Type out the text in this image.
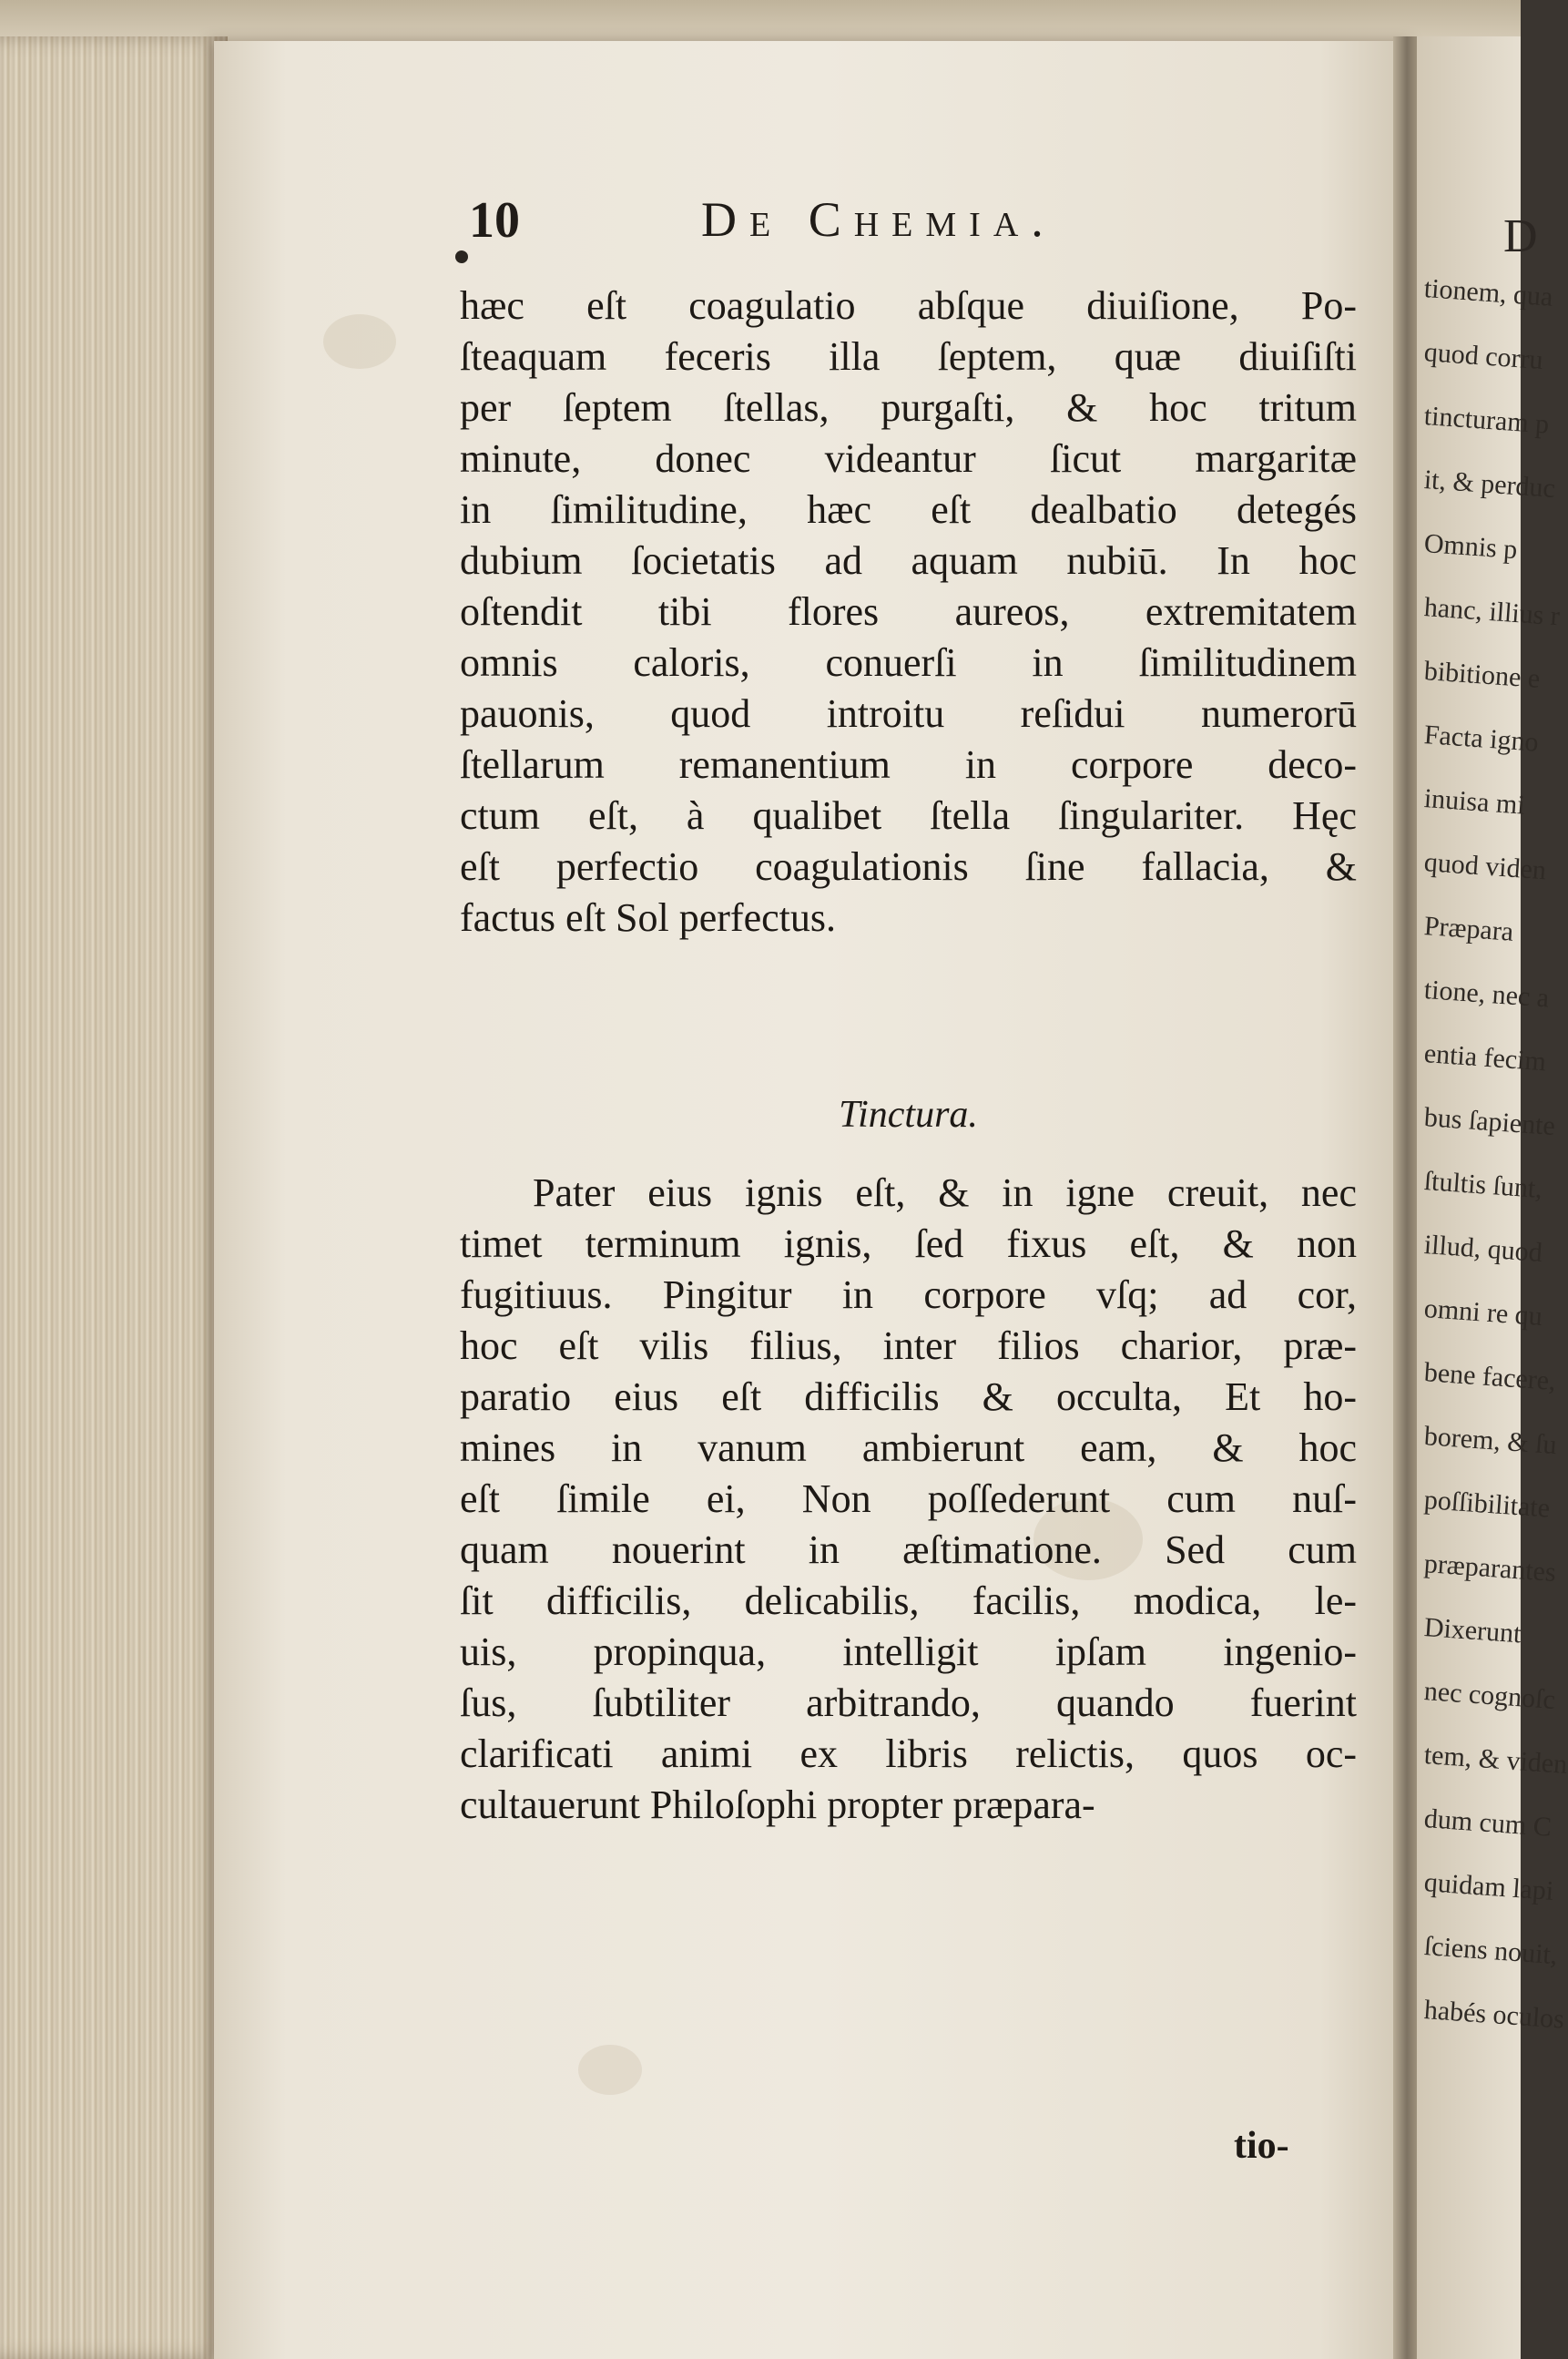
D
tionem, qua
quod corru
tincturam p
it, & perduc
Omnis p
hanc, illius r
bibitione e
Facta igno
inuisa mi
quod viden
Præpara
tione, nec a
entia fecim
bus ſapiente
ſtultis ſunt,
illud, quod
omni re qu
bene facere,
borem, & ſu
poſſibilitate
præparantes
Dixerunt
nec cognoſc
tem, & viden
dum cum C
quidam lapi
ſciens nouit,
habés oculos
10	De Chemia.
hæc eſt coagulatio abſque diuiſione, Po-
ſteaquam feceris illa ſeptem, quæ diuiſiſti
per ſeptem ſtellas, purgaſti, & hoc tritum
minute, donec videantur ſicut margaritæ
in ſimilitudine, hæc eſt dealbatio detegés
dubium ſocietatis ad aquam nubiū. In hoc
oſtendit tibi flores aureos, extremitatem
omnis caloris, conuerſi in ſimilitudinem
pauonis, quod introitu reſidui numerorū
ſtellarum remanentium in corpore deco-
ctum eſt, à qualibet ſtella ſingulariter. Hęc
eſt perfectio coagulationis ſine fallacia, &
factus eſt Sol perfectus.
Tinctura.
Pater eius ignis eſt, & in igne creuit, nec
timet terminum ignis, ſed fixus eſt, & non
fugitiuus. Pingitur in corpore vſq; ad cor,
hoc eſt vilis filius, inter filios charior, præ-
paratio eius eſt difficilis & occulta, Et ho-
mines in vanum ambierunt eam, & hoc
eſt ſimile ei, Non poſſederunt cum nuſ-
quam nouerint in æſtimatione. Sed cum
ſit difficilis, delicabilis, facilis, modica, le-
uis, propinqua, intelligit ipſam ingenio-
ſus, ſubtiliter arbitrando, quando fuerint
clarificati animi ex libris relictis, quos oc-
cultauerunt Philoſophi propter præpara-
tio-
